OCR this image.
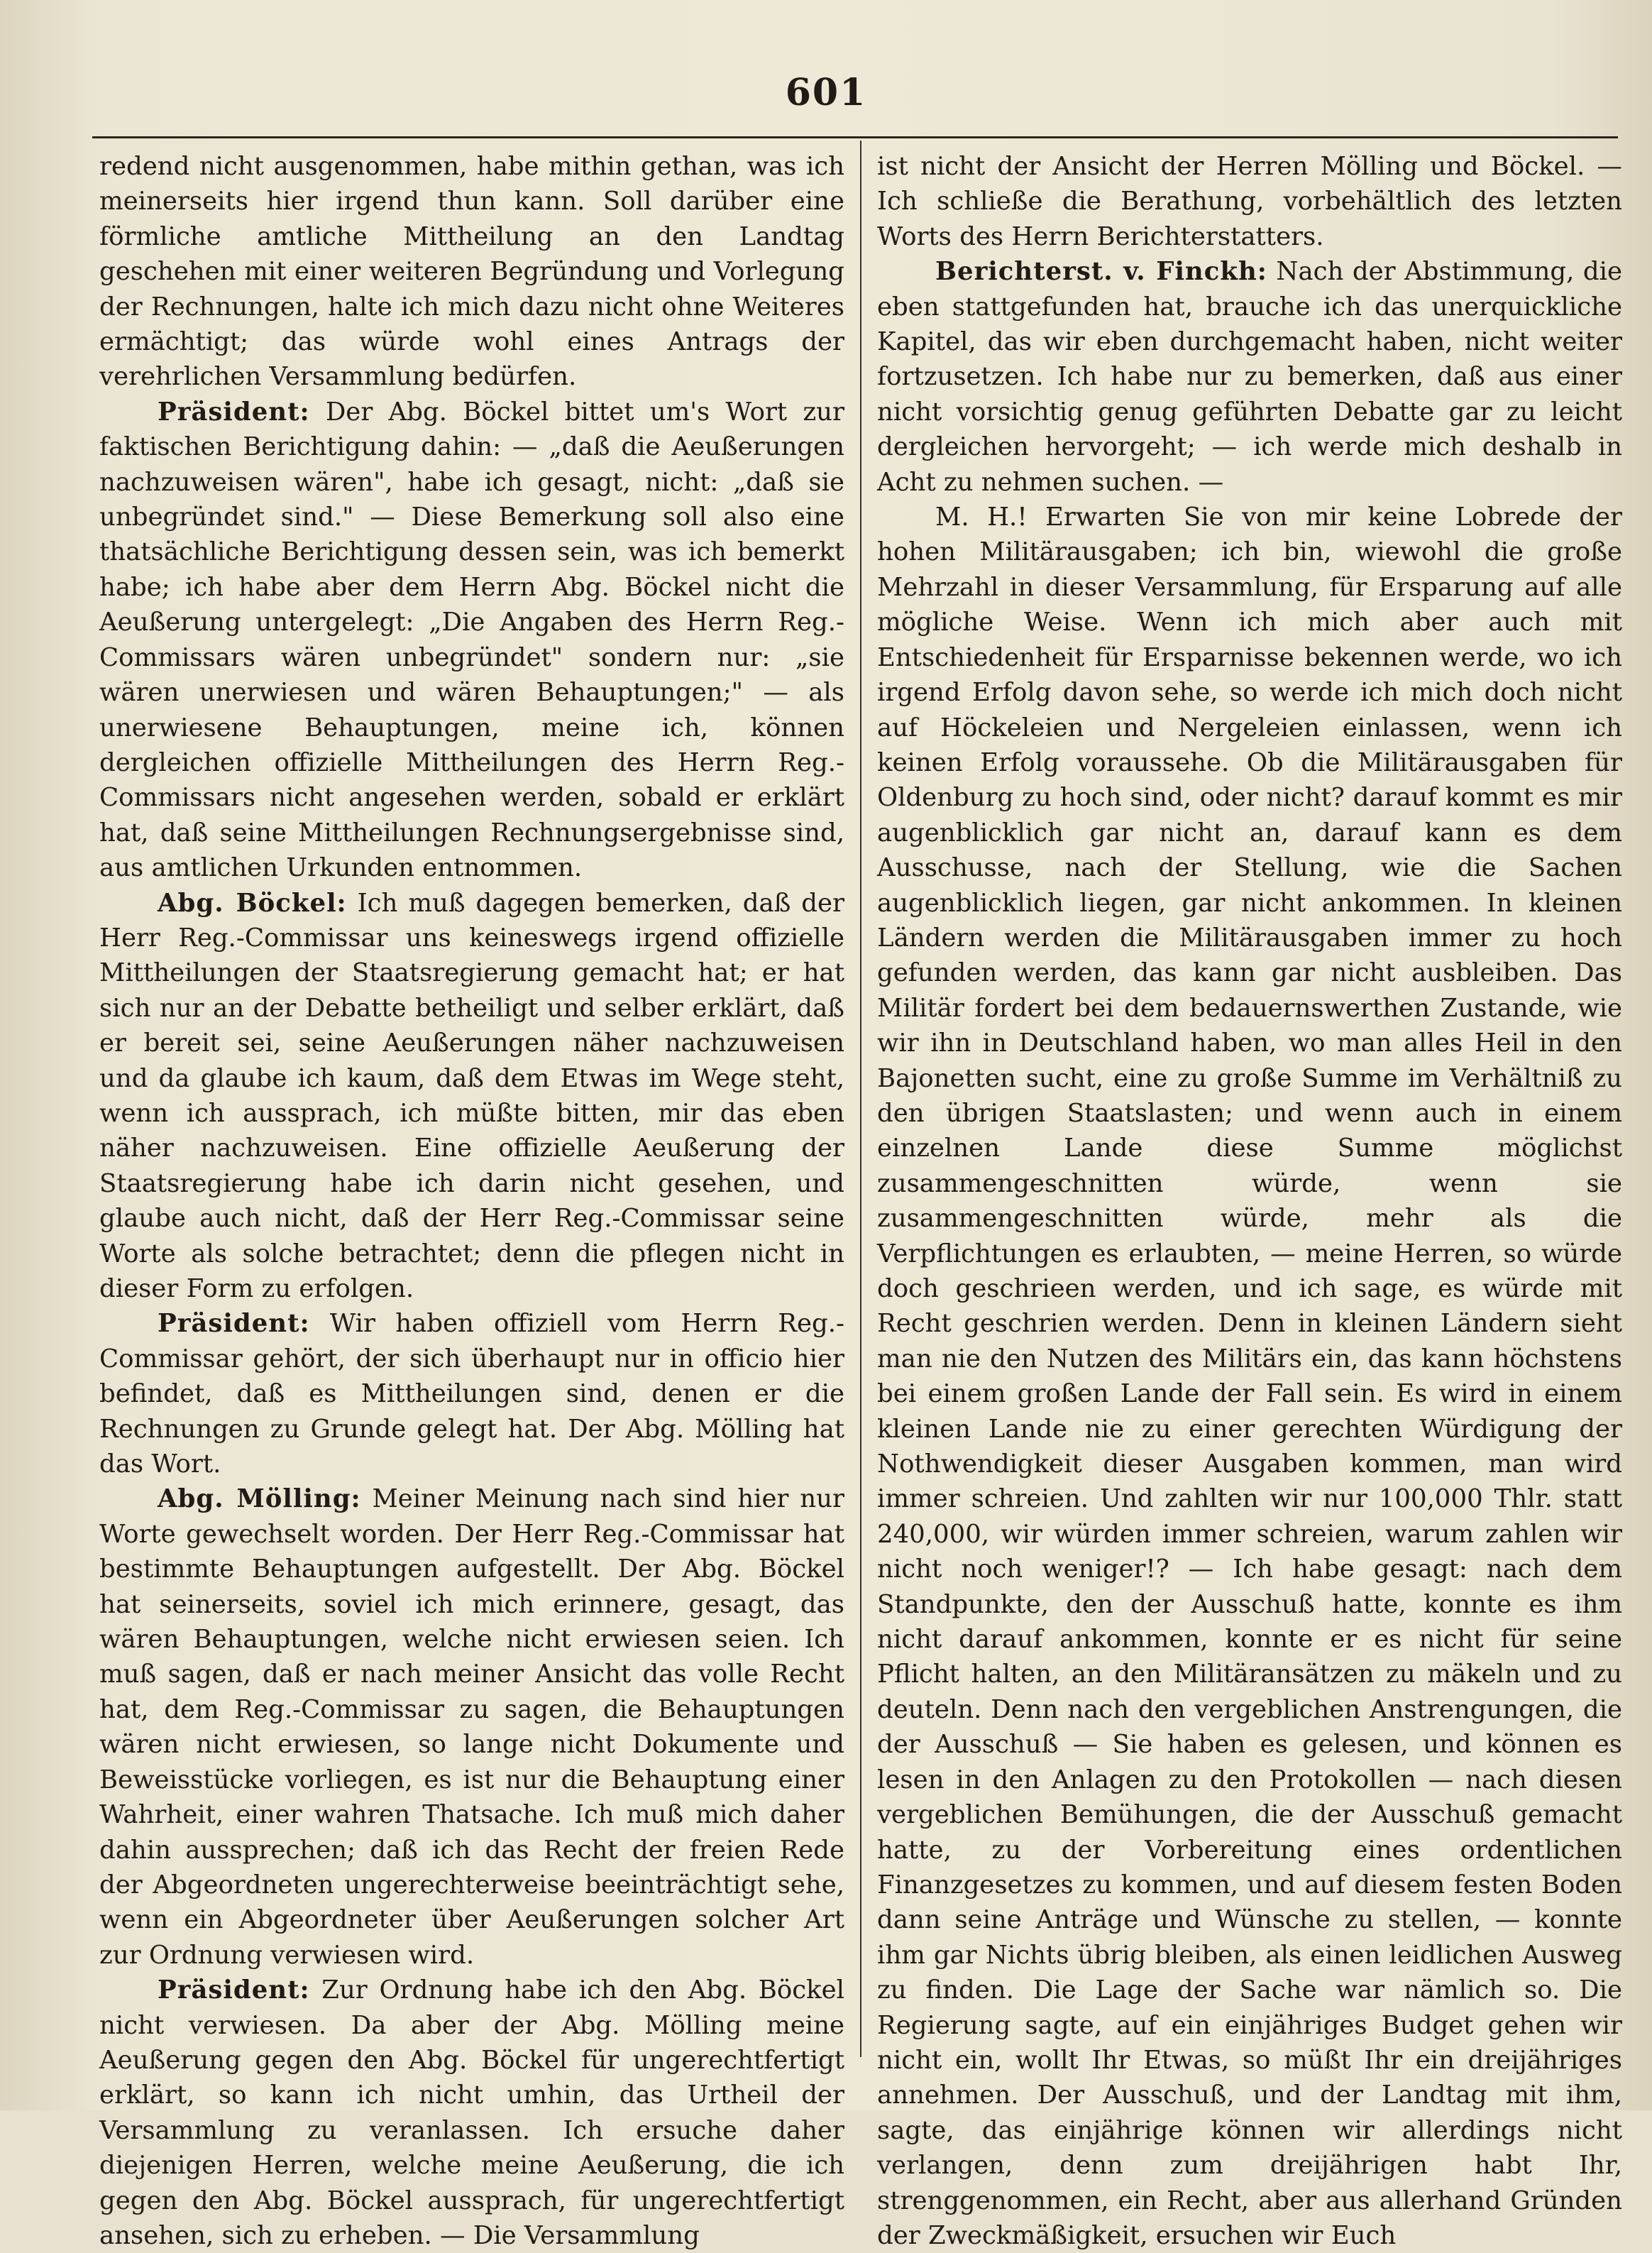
601

redend nicht ausgenommen, habe mithin gethan, was ich meinerseits hier irgend thun kann. Soll darüber eine förmliche amtliche Mittheilung an den Landtag geschehen mit einer weiteren Begründung und Vorlegung der Rechnungen, halte ich mich dazu nicht ohne Weiteres ermächtigt; das würde wohl eines Antrags der verehrlichen Versammlung bedürfen.

Präsident: Der Abg. Böckel bittet um's Wort zur faktischen Berichtigung dahin: — „daß die Aeußerungen nachzuweisen wären", habe ich gesagt, nicht: „daß sie unbegründet sind." — Diese Bemerkung soll also eine thatsächliche Berichtigung dessen sein, was ich bemerkt habe; ich habe aber dem Herrn Abg. Böckel nicht die Aeußerung untergelegt: „Die Angaben des Herrn Reg.-Commissars wären unbegründet" sondern nur: „sie wären unerwiesen und wären Behauptungen;" — als unerwiesene Behauptungen, meine ich, können dergleichen offizielle Mittheilungen des Herrn Reg.-Commissars nicht angesehen werden, sobald er erklärt hat, daß seine Mittheilungen Rechnungsergebnisse sind, aus amtlichen Urkunden entnommen.

Abg. Böckel: Ich muß dagegen bemerken, daß der Herr Reg.-Commissar uns keineswegs irgend offizielle Mittheilungen der Staatsregierung gemacht hat; er hat sich nur an der Debatte betheiligt und selber erklärt, daß er bereit sei, seine Aeußerungen näher nachzuweisen und da glaube ich kaum, daß dem Etwas im Wege steht, wenn ich aussprach, ich müßte bitten, mir das eben näher nachzuweisen. Eine offizielle Aeußerung der Staatsregierung habe ich darin nicht gesehen, und glaube auch nicht, daß der Herr Reg.-Commissar seine Worte als solche betrachtet; denn die pflegen nicht in dieser Form zu erfolgen.

Präsident: Wir haben offiziell vom Herrn Reg.-Commissar gehört, der sich überhaupt nur in officio hier befindet, daß es Mittheilungen sind, denen er die Rechnungen zu Grunde gelegt hat. Der Abg. Mölling hat das Wort.

Abg. Mölling: Meiner Meinung nach sind hier nur Worte gewechselt worden. Der Herr Reg.-Commissar hat bestimmte Behauptungen aufgestellt. Der Abg. Böckel hat seinerseits, soviel ich mich erinnere, gesagt, das wären Behauptungen, welche nicht erwiesen seien. Ich muß sagen, daß er nach meiner Ansicht das volle Recht hat, dem Reg.-Commissar zu sagen, die Behauptungen wären nicht erwiesen, so lange nicht Dokumente und Beweisstücke vorliegen, es ist nur die Behauptung einer Wahrheit, einer wahren Thatsache. Ich muß mich daher dahin aussprechen; daß ich das Recht der freien Rede der Abgeordneten ungerechterweise beeinträchtigt sehe, wenn ein Abgeordneter über Aeußerungen solcher Art zur Ordnung verwiesen wird.

Präsident: Zur Ordnung habe ich den Abg. Böckel nicht verwiesen. Da aber der Abg. Mölling meine Aeußerung gegen den Abg. Böckel für ungerechtfertigt erklärt, so kann ich nicht umhin, das Urtheil der Versammlung zu veranlassen. Ich ersuche daher diejenigen Herren, welche meine Aeußerung, die ich gegen den Abg. Böckel aussprach, für ungerechtfertigt ansehen, sich zu erheben. — Die Versammlung

ist nicht der Ansicht der Herren Mölling und Böckel. — Ich schließe die Berathung, vorbehältlich des letzten Worts des Herrn Berichterstatters.

Berichterst. v. Finckh: Nach der Abstimmung, die eben stattgefunden hat, brauche ich das unerquickliche Kapitel, das wir eben durchgemacht haben, nicht weiter fortzusetzen. Ich habe nur zu bemerken, daß aus einer nicht vorsichtig genug geführten Debatte gar zu leicht dergleichen hervorgeht; — ich werde mich deshalb in Acht zu nehmen suchen. —

M. H.! Erwarten Sie von mir keine Lobrede der hohen Militärausgaben; ich bin, wiewohl die große Mehrzahl in dieser Versammlung, für Ersparung auf alle mögliche Weise. Wenn ich mich aber auch mit Entschiedenheit für Ersparnisse bekennen werde, wo ich irgend Erfolg davon sehe, so werde ich mich doch nicht auf Höckeleien und Nergeleien einlassen, wenn ich keinen Erfolg voraussehe. Ob die Militärausgaben für Oldenburg zu hoch sind, oder nicht? darauf kommt es mir augenblicklich gar nicht an, darauf kann es dem Ausschusse, nach der Stellung, wie die Sachen augenblicklich liegen, gar nicht ankommen. In kleinen Ländern werden die Militärausgaben immer zu hoch gefunden werden, das kann gar nicht ausbleiben. Das Militär fordert bei dem bedauernswerthen Zustande, wie wir ihn in Deutschland haben, wo man alles Heil in den Bajonetten sucht, eine zu große Summe im Verhältniß zu den übrigen Staatslasten; und wenn auch in einem einzelnen Lande diese Summe möglichst zusammengeschnitten würde, wenn sie zusammengeschnitten würde, mehr als die Verpflichtungen es erlaubten, — meine Herren, so würde doch geschrieen werden, und ich sage, es würde mit Recht geschrien werden. Denn in kleinen Ländern sieht man nie den Nutzen des Militärs ein, das kann höchstens bei einem großen Lande der Fall sein. Es wird in einem kleinen Lande nie zu einer gerechten Würdigung der Nothwendigkeit dieser Ausgaben kommen, man wird immer schreien. Und zahlten wir nur 100,000 Thlr. statt 240,000, wir würden immer schreien, warum zahlen wir nicht noch weniger!? — Ich habe gesagt: nach dem Standpunkte, den der Ausschuß hatte, konnte es ihm nicht darauf ankommen, konnte er es nicht für seine Pflicht halten, an den Militäransätzen zu mäkeln und zu deuteln. Denn nach den vergeblichen Anstrengungen, die der Ausschuß — Sie haben es gelesen, und können es lesen in den Anlagen zu den Protokollen — nach diesen vergeblichen Bemühungen, die der Ausschuß gemacht hatte, zu der Vorbereitung eines ordentlichen Finanzgesetzes zu kommen, und auf diesem festen Boden dann seine Anträge und Wünsche zu stellen, — konnte ihm gar Nichts übrig bleiben, als einen leidlichen Ausweg zu finden. Die Lage der Sache war nämlich so. Die Regierung sagte, auf ein einjähriges Budget gehen wir nicht ein, wollt Ihr Etwas, so müßt Ihr ein dreijähriges annehmen. Der Ausschuß, und der Landtag mit ihm, sagte, das einjährige können wir allerdings nicht verlangen, denn zum dreijährigen habt Ihr, strenggenommen, ein Recht, aber aus allerhand Gründen der Zweckmäßigkeit, ersuchen wir Euch
